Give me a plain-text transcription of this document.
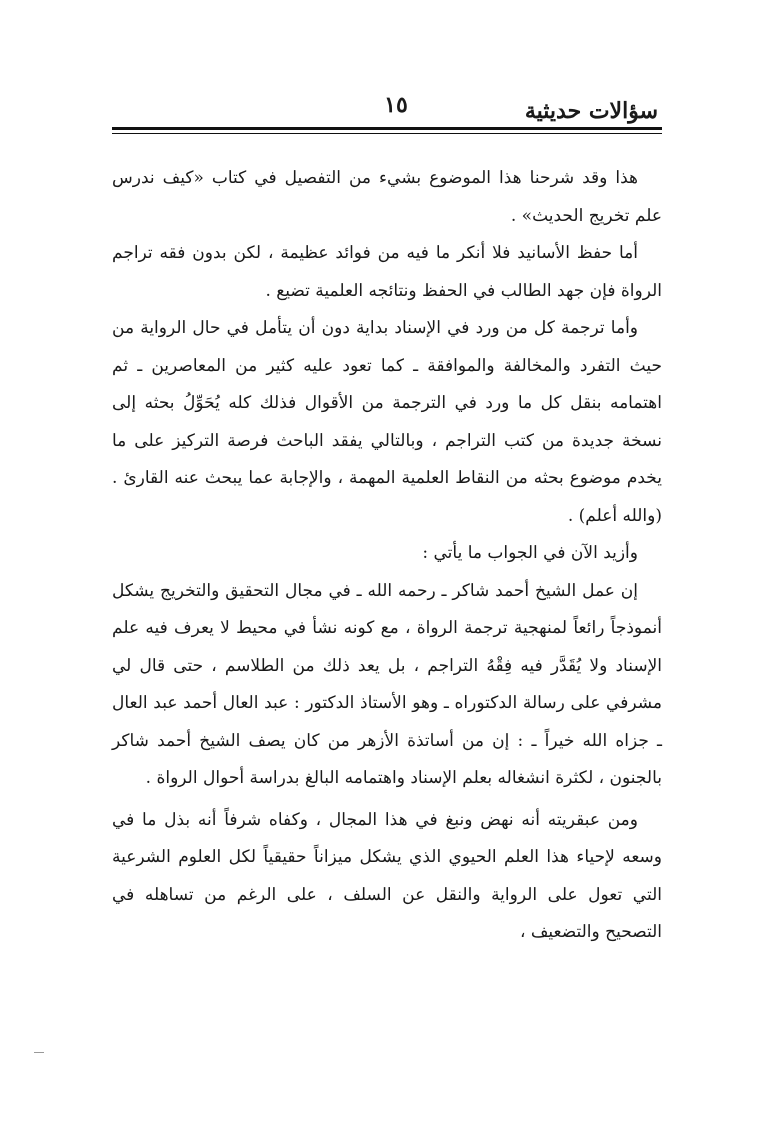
١٥	سؤالات حديثية

هذا وقد شرحنا هذا الموضوع بشيء من التفصيل في كتاب «كيف ندرس علم تخريج الحديث» .

أما حفظ الأسانيد فلا أنكر ما فيه من فوائد عظيمة ، لكن بدون فقه تراجم الرواة فإن جهد الطالب في الحفظ ونتائجه العلمية تضيع .

وأما ترجمة كل من ورد في الإسناد بداية دون أن يتأمل في حال الرواية من حيث التفرد والمخالفة والموافقة ـ كما تعود عليه كثير من المعاصرين ـ ثم اهتمامه بنقل كل ما ورد في الترجمة من الأقوال فذلك كله يُحَوِّلُ بحثه إلى نسخة جديدة من كتب التراجم ، وبالتالي يفقد الباحث فرصة التركيز على ما يخدم موضوع بحثه من النقاط العلمية المهمة ، والإجابة عما يبحث عنه القارئ . (والله أعلم) .

وأزيد الآن في الجواب ما يأتي :

إن عمل الشيخ أحمد شاكر ـ رحمه الله ـ في مجال التحقيق والتخريج يشكل أنموذجاً رائعاً لمنهجية ترجمة الرواة ، مع كونه نشأ في محيط لا يعرف فيه علم الإسناد ولا يُقَدَّر فيه فِقْهُ التراجم ، بل يعد ذلك من الطلاسم ، حتى قال لي مشرفي على رسالة الدكتوراه ـ وهو الأستاذ الدكتور : عبد العال أحمد عبد العال ـ جزاه الله خيراً ـ : إن من أساتذة الأزهر من كان يصف الشيخ أحمد شاكر بالجنون ، لكثرة انشغاله بعلم الإسناد واهتمامه البالغ بدراسة أحوال الرواة .

ومن عبقريته أنه نهض ونبغ في هذا المجال ، وكفاه شرفاً أنه بذل ما في وسعه لإحياء هذا العلم الحيوي الذي يشكل ميزاناً حقيقياً لكل العلوم الشرعية التي تعول على الرواية والنقل عن السلف ، على الرغم من تساهله في التصحيح والتضعيف ،
